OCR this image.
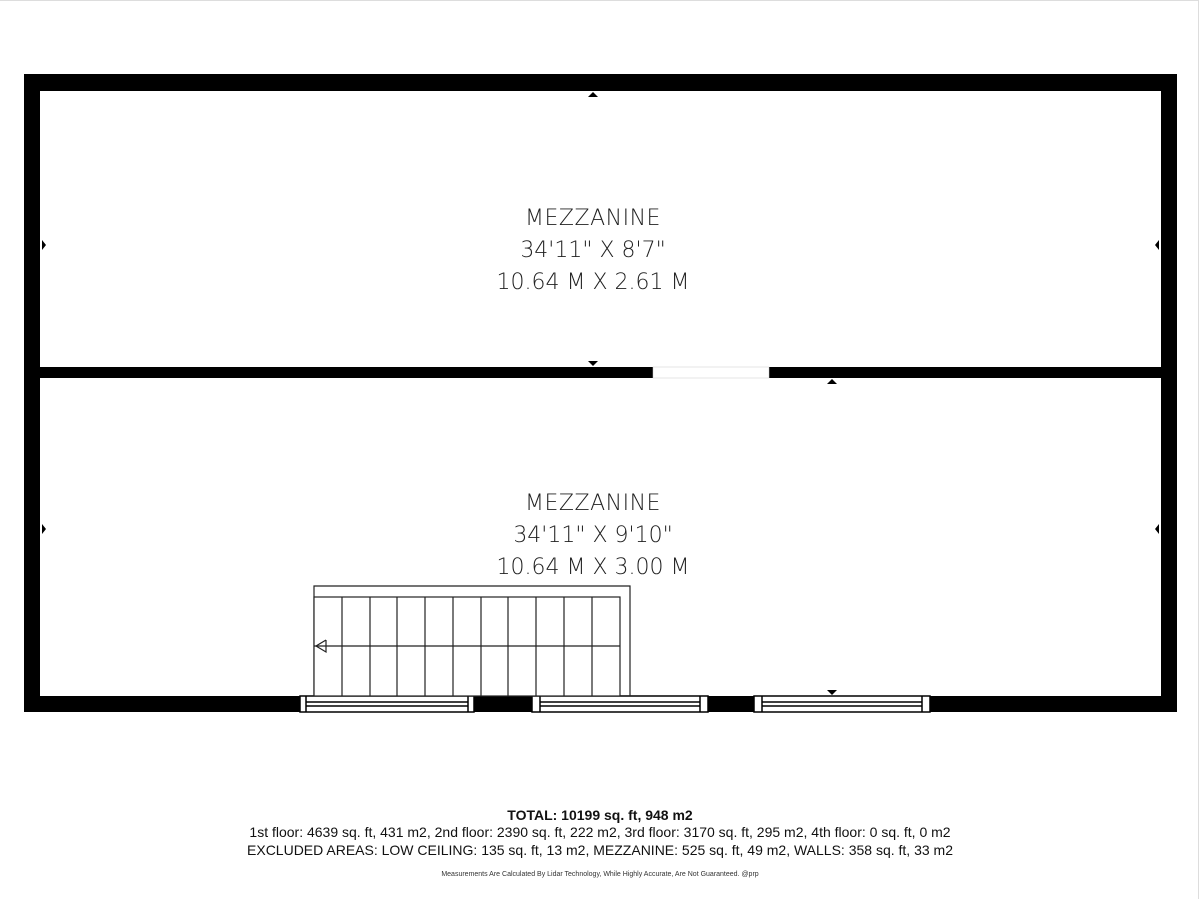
MEZZANINE
34'11" X 8'7"
10.64 M X 2.61 M
MEZZANINE
34'11" X 9'10"
10.64 M X 3.00 M
TOTAL: 10199 sq. ft, 948 m2
1st floor: 4639 sq. ft, 431 m2, 2nd floor: 2390 sq. ft, 222 m2, 3rd floor: 3170 sq. ft, 295 m2, 4th floor: 0 sq. ft, 0 m2
EXCLUDED AREAS: LOW CEILING: 135 sq. ft, 13 m2, MEZZANINE: 525 sq. ft, 49 m2, WALLS: 358 sq. ft, 33 m2
Measurements Are Calculated By Lidar Technology, While Highly Accurate, Are Not Guaranteed. @prp
